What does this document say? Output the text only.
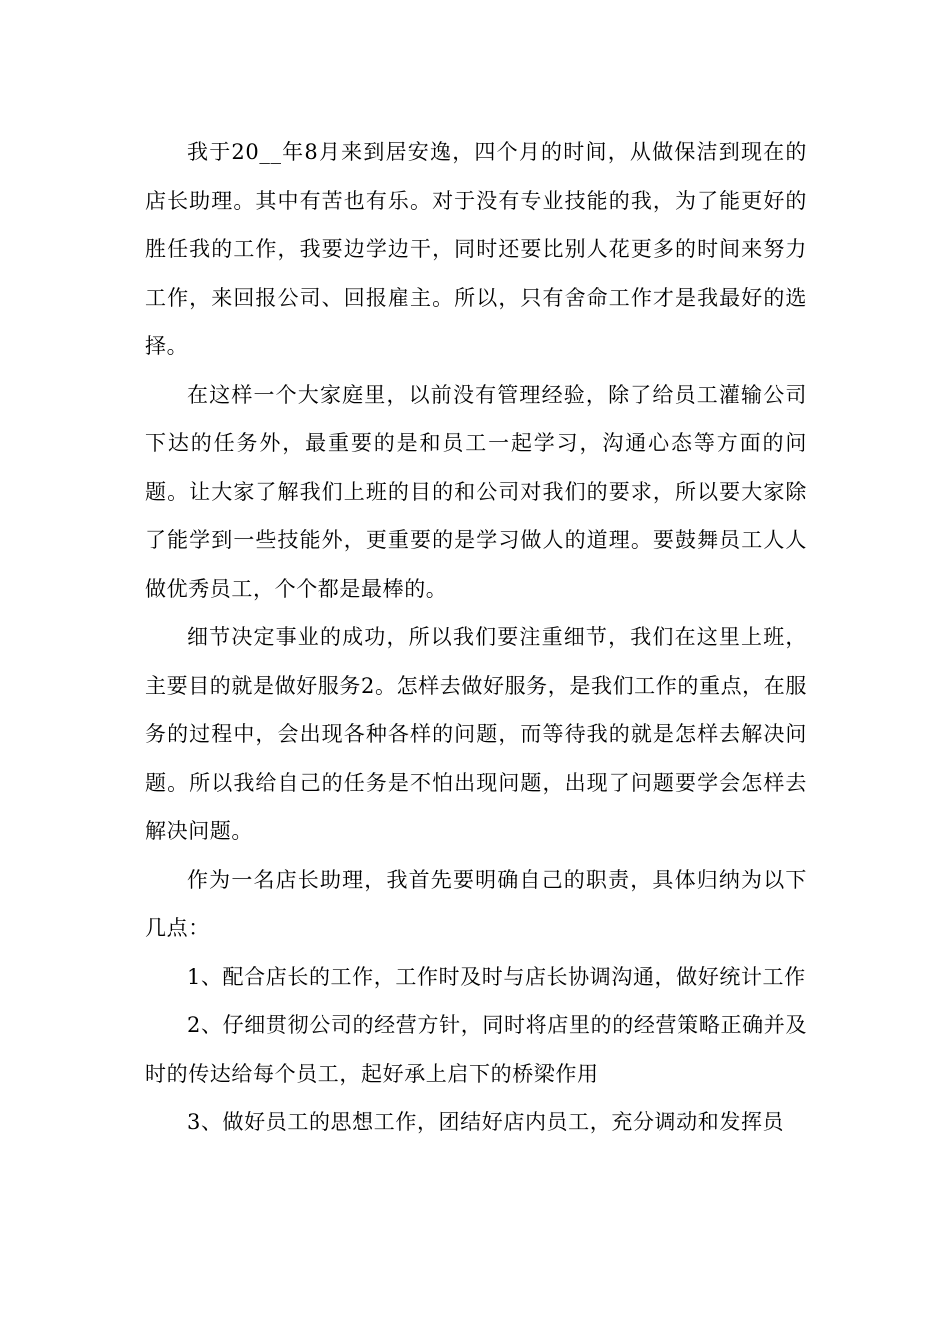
我于20__年8月来到居安逸，四个月的时间，从做保洁到现在的店长助理。其中有苦也有乐。对于没有专业技能的我，为了能更好的胜任我的工作，我要边学边干，同时还要比别人花更多的时间来努力工作，来回报公司、回报雇主。所以，只有舍命工作才是我最好的选择。

在这样一个大家庭里，以前没有管理经验，除了给员工灌输公司下达的任务外，最重要的是和员工一起学习，沟通心态等方面的问题。让大家了解我们上班的目的和公司对我们的要求，所以要大家除了能学到一些技能外，更重要的是学习做人的道理。要鼓舞员工人人做优秀员工，个个都是最棒的。

细节决定事业的成功，所以我们要注重细节，我们在这里上班，主要目的就是做好服务2。怎样去做好服务，是我们工作的重点，在服务的过程中，会出现各种各样的问题，而等待我的就是怎样去解决问题。所以我给自己的任务是不怕出现问题，出现了问题要学会怎样去解决问题。

作为一名店长助理，我首先要明确自己的职责，具体归纳为以下几点：

1、配合店长的工作，工作时及时与店长协调沟通，做好统计工作

2、仔细贯彻公司的经营方针，同时将店里的的经营策略正确并及时的传达给每个员工，起好承上启下的桥梁作用

3、做好员工的思想工作，团结好店内员工，充分调动和发挥员
